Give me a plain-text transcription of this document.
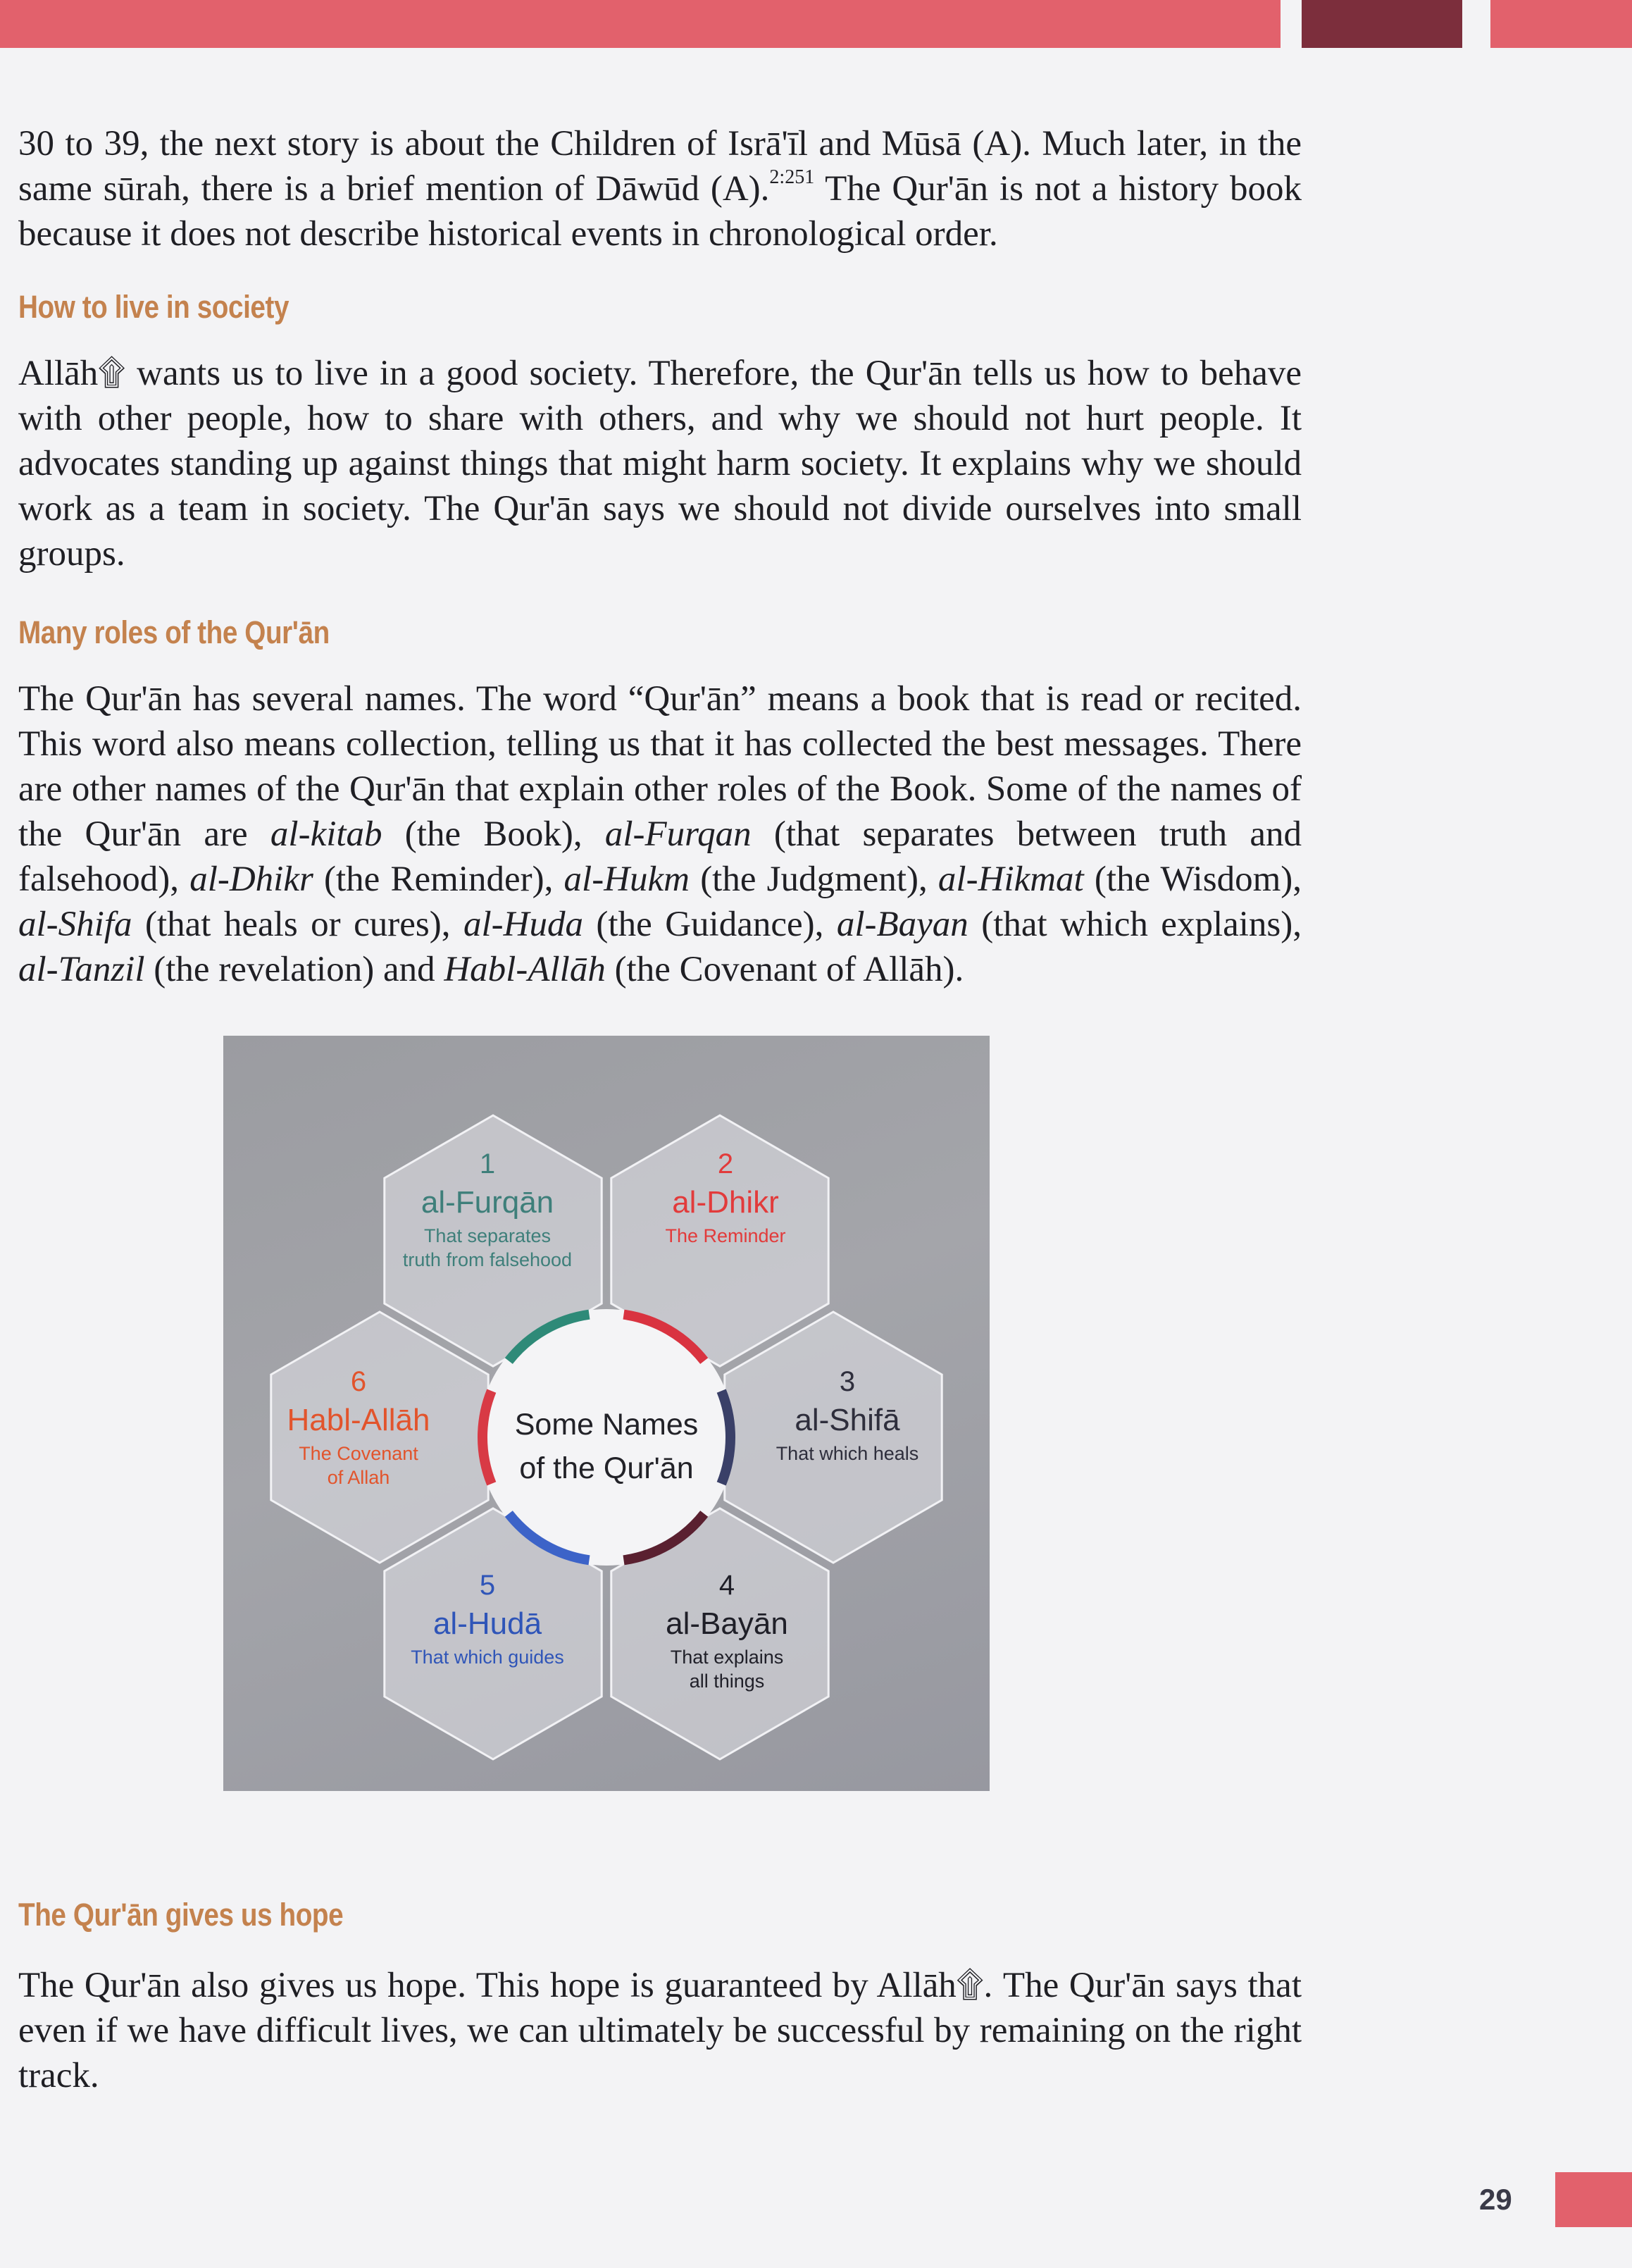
30 to 39, the next story is about the Children of Isrā'īl and Mūsā (A). Much later, in the same sūrah, there is a brief mention of Dāwūd (A).$^{2:251}$ The Qur'ān is not a history book because it does not describe historical events in chronological order.

How to live in society

Allāh۩ wants us to live in a good society. Therefore, the Qur'ān tells us how to behave with other people, how to share with others, and why we should not hurt people. It advocates standing up against things that might harm society. It explains why we should work as a team in society. The Qur'ān says we should not divide ourselves into small groups.

Many roles of the Qur'ān

The Qur'ān has several names. The word “Qur'ān” means a book that is read or recited. This word also means collection, telling us that it has collected the best messages. There are other names of the Qur'ān that explain other roles of the Book. Some of the names of the Qur'ān are al-kitab (the Book), al-Furqan (that separates between truth and falsehood), al-Dhikr (the Reminder), al-Hukm (the Judgment), al-Hikmat (the Wisdom), al-Shifa (that heals or cures), al-Huda (the Guidance), al-Bayan (that which explains), al-Tanzil (the revelation) and Habl-Allāh (the Covenant of Allāh).

Some Names
of the Qur'ān
1
al-Furqān
That separates
truth from falsehood
2
al-Dhikr
The Reminder
3
al-Shifā
That which heals
4
al-Bayān
That explains
all things
5
al-Hudā
That which guides
6
Habl-Allāh
The Covenant
of Allah
The Qur'ān gives us hope

The Qur'ān also gives us hope. This hope is guaranteed by Allāh۩. The Qur'ān says that even if we have difficult lives, we can ultimately be successful by remaining on the right track.

29
